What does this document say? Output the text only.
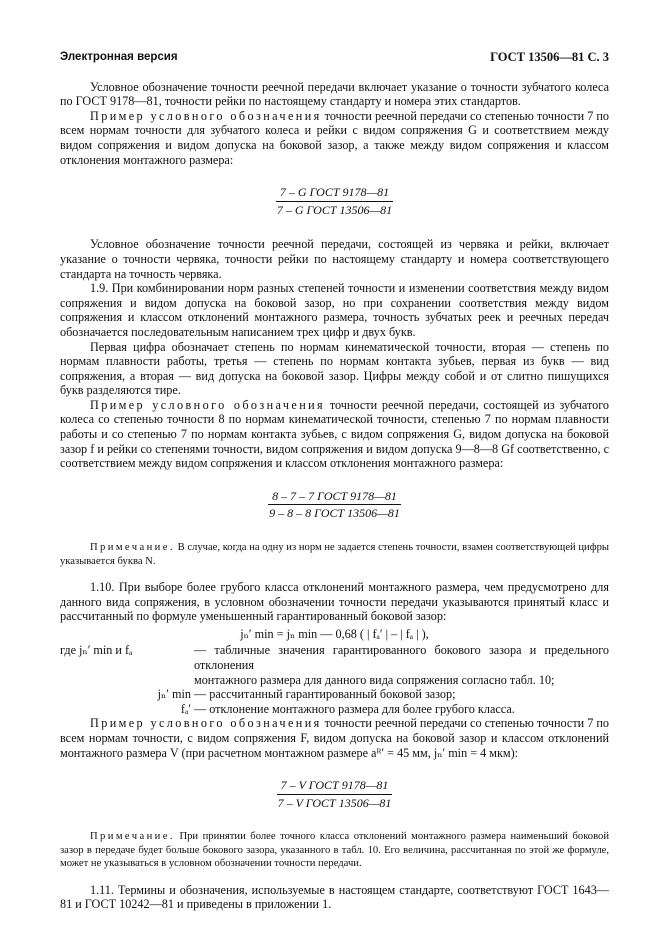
Электронная версия	ГОСТ 13506—81 С. 3

Условное обозначение точности реечной передачи включает указание о точности зубчатого колеса по ГОСТ 9178—81, точности рейки по настоящему стандарту и номера этих стандартов.

Пример условного обозначения точности реечной передачи со степенью точности 7 по всем нормам точности для зубчатого колеса и рейки с видом сопряжения G и соответствием между видом сопряжения и видом допуска на боковой зазор, а также между видом сопряжения и классом отклонения монтажного размера:

$\frac{\text{7 – G ГОСТ 9178—81}}{\text{7 – G ГОСТ 13506—81}}$

Условное обозначение точности реечной передачи, состоящей из червяка и рейки, включает указание о точности червяка, точности рейки по настоящему стандарту и номера соответствующего стандарта на точность червяка.

1.9. При комбинировании норм разных степеней точности и изменении соответствия между видом сопряжения и видом допуска на боковой зазор, но при сохранении соответствия между видом сопряжения и классом отклонений монтажного размера, точность зубчатых реек и реечных передач обозначается последовательным написанием трех цифр и двух букв.

Первая цифра обозначает степень по нормам кинематической точности, вторая — степень по нормам плавности работы, третья — степень по нормам контакта зубьев, первая из букв — вид сопряжения, а вторая — вид допуска на боковой зазор. Цифры между собой и от слитно пишущихся букв разделяются тире.

Пример условного обозначения точности реечной передачи, состоящей из зубчатого колеса со степенью точности 8 по нормам кинематической точности, степенью 7 по нормам плавности работы и со степенью 7 по нормам контакта зубьев, с видом сопряжения G, видом допуска на боковой зазор f и рейки со степенями точности, видом сопряжения и видом допуска 9—8—8 Gf соответственно, с соответствием между видом сопряжения и классом отклонения монтажного размера:

$\frac{\text{8 – 7 – 7 ГОСТ 9178—81}}{\text{9 – 8 – 8 ГОСТ 13506—81}}$

Примечание. В случае, когда на одну из норм не задается степень точности, взамен соответствующей цифры указывается буква N.

1.10. При выборе более грубого класса отклонений монтажного размера, чем предусмотрено для данного вида сопряжения, в условном обозначении точности передачи указываются принятый класс и рассчитанный по формуле уменьшенный гарантированный боковой зазор:

jₙ′ min = jₙ min — 0,68 ( | fₐ′ | – | fₐ | ),
где jₙ′ min и fₐ	— табличные значения гарантированного бокового зазора и предельного отклонения
монтажного размера для данного вида сопряжения согласно табл. 10;
jₙ′ min — рассчитанный гарантированный боковой зазор;
fₐ′ — отклонение монтажного размера для более грубого класса.

Пример условного обозначения точности реечной передачи со степенью точности 7 по всем нормам точности, с видом сопряжения F, видом допуска на боковой зазор и классом отклонений монтажного размера V (при расчетном монтажном размере aᴿ′ = 45 мм, jₙ′ min = 4 мкм):

$\frac{\text{7 – V ГОСТ 9178—81}}{\text{7 – V ГОСТ 13506—81}}$

Примечание. При принятии более точного класса отклонений монтажного размера наименьший боковой зазор в передаче будет больше бокового зазора, указанного в табл. 10. Его величина, рассчитанная по этой же формуле, может не указываться в условном обозначении точности передачи.

1.11. Термины и обозначения, используемые в настоящем стандарте, соответствуют ГОСТ 1643—81 и ГОСТ 10242—81 и приведены в приложении 1.
